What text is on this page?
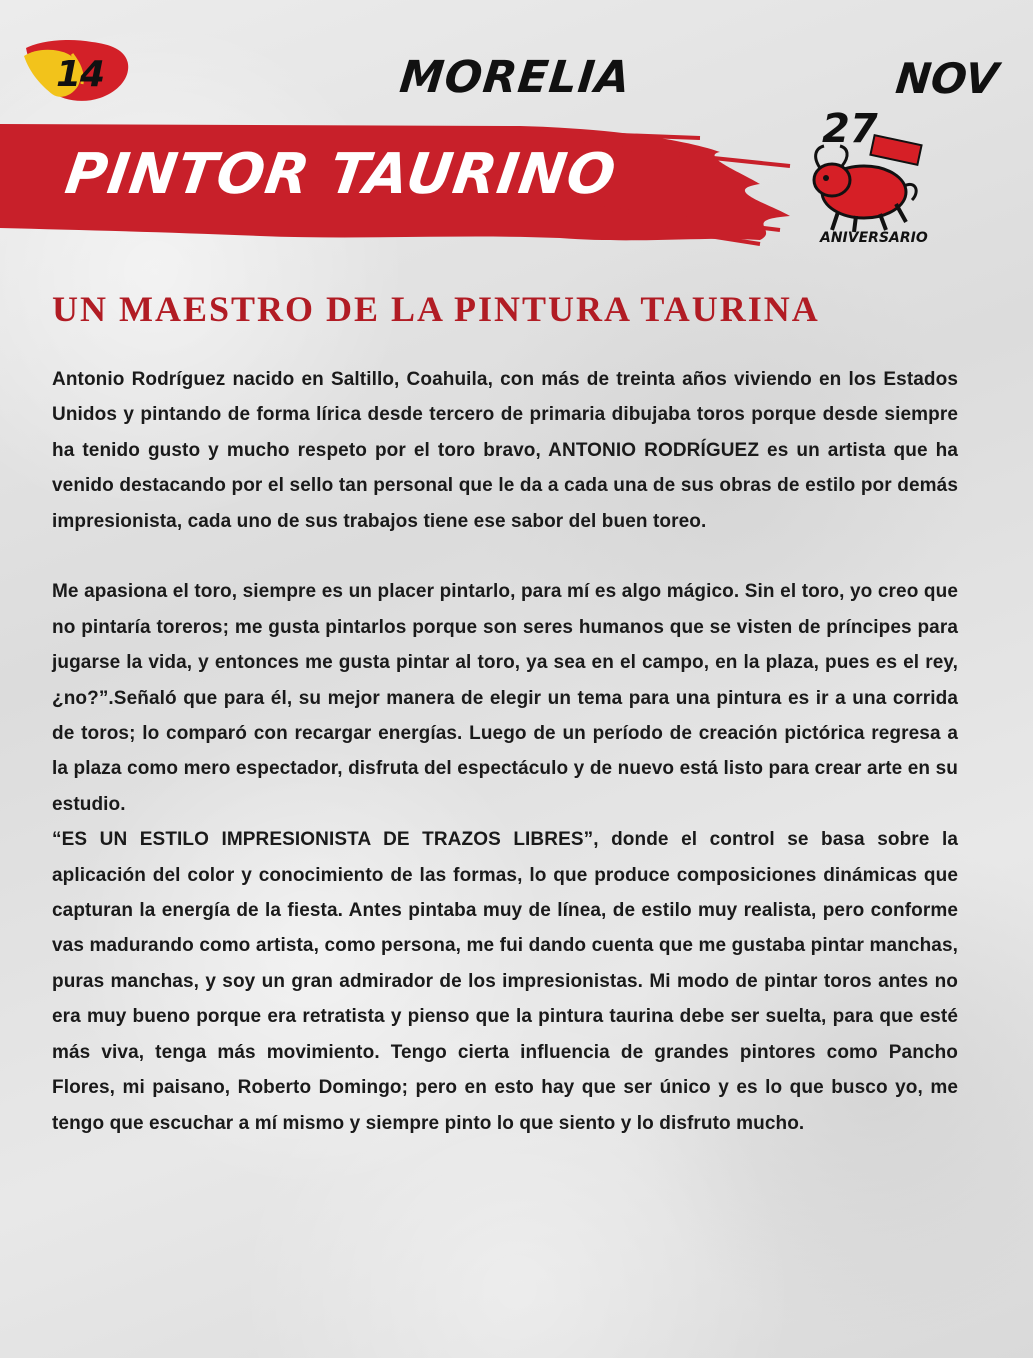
14	MORELIA	NOV
PINTOR TAURINO
27
ANIVERSARIO
UN MAESTRO DE LA PINTURA TAURINA

Antonio Rodríguez nacido en Saltillo, Coahuila, con más de treinta años viviendo en los Estados Unidos y pintando de forma lírica desde tercero de primaria dibujaba toros porque desde siempre ha tenido gusto y mucho respeto por el toro bravo, ANTONIO RODRÍGUEZ es un artista que ha venido destacando por el sello tan personal que le da a cada una de sus obras de estilo por demás impresionista, cada uno de sus trabajos tiene ese sabor del buen toreo.

Me apasiona el toro, siempre es un placer pintarlo, para mí es algo mágico. Sin el toro, yo creo que no pintaría toreros; me gusta pintarlos porque son seres humanos que se visten de príncipes para jugarse la vida, y entonces me gusta pintar al toro, ya sea en el campo, en la plaza, pues es el rey, ¿no?”.Señaló que para él, su mejor manera de elegir un tema para una pintura es ir a una corrida de toros; lo comparó con recargar energías. Luego de un período de creación pictórica regresa a la plaza como mero espectador, disfruta del espectáculo y de nuevo está listo para crear arte en su estudio.

“ES UN ESTILO IMPRESIONISTA DE TRAZOS LIBRES”, donde el control se basa sobre la aplicación del color y conocimiento de las formas, lo que produce composiciones dinámicas que capturan la energía de la fiesta. Antes pintaba muy de línea, de estilo muy realista, pero conforme vas madurando como artista, como persona, me fui dando cuenta que me gustaba pintar manchas, puras manchas, y soy un gran admirador de los impresionistas. Mi modo de pintar toros antes no era muy bueno porque era retratista y pienso que la pintura taurina debe ser suelta, para que esté más viva, tenga más movimiento. Tengo cierta influencia de grandes pintores como Pancho Flores, mi paisano, Roberto Domingo; pero en esto hay que ser único y es lo que busco yo, me tengo que escuchar a mí mismo y siempre pinto lo que siento y lo disfruto mucho.
